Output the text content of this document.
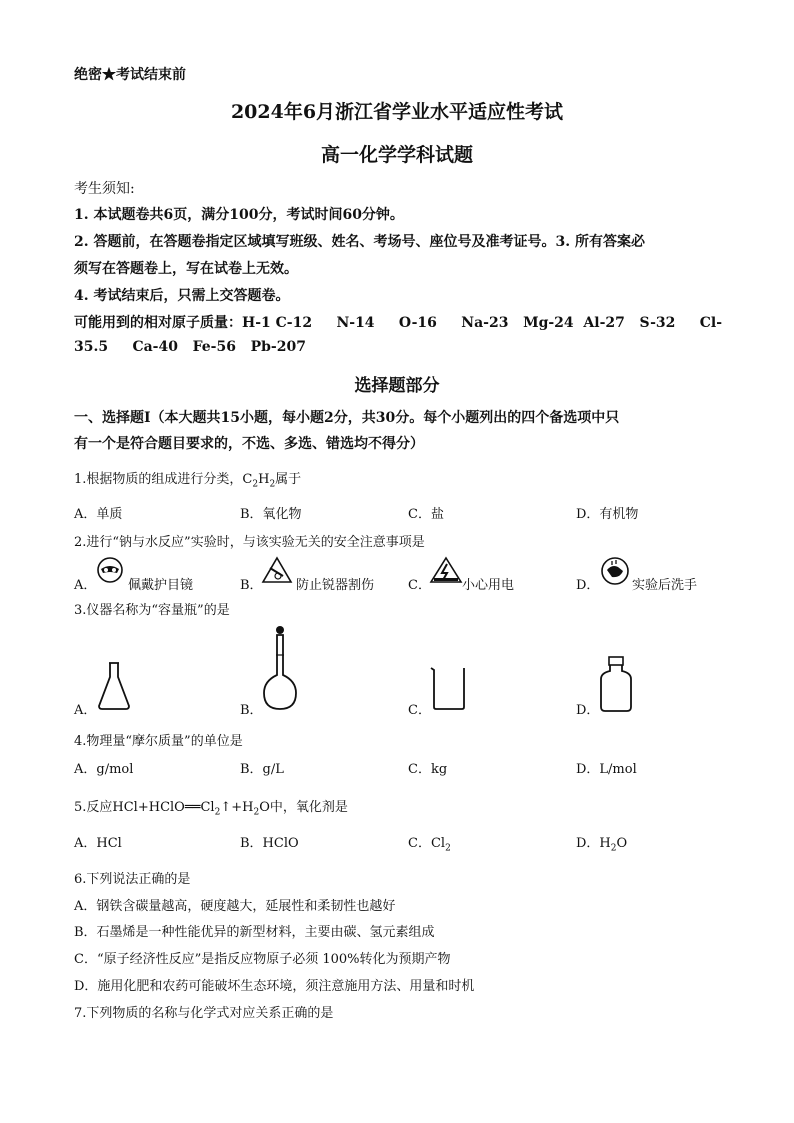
绝密★考试结束前
2024年6月浙江省学业水平适应性考试
高一化学学科试题
考生须知:
1. 本试题卷共6页，满分100分，考试时间60分钟。
2. 答题前，在答题卷指定区域填写班级、姓名、考场号、座位号及准考证号。3. 所有答案必
须写在答题卷上，写在试卷上无效。
4. 考试结束后，只需上交答题卷。
可能用到的相对原子质量：H-1 C-12     N-14     O-16     Na-23   Mg-24  Al-27   S-32     Cl-
35.5     Ca-40   Fe-56   Pb-207
选择题部分
一、选择题Ⅰ（本大题共15小题，每小题2分，共30分。每个小题列出的四个备选项中只
有一个是符合题目要求的，不选、多选、错选均不得分）
1.根据物质的组成进行分类，$C_2H_2$属于
A．单质	B．氧化物	C．盐	D．有机物
2.进行“钠与水反应”实验时，与该实验无关的安全注意事项是
A． 佩戴护目镜	B．	防止锐器割伤	C． 小心用电	D．	实验后洗手
3.仪器名称为“容量瓶”的是
A．	B．	C．	D．
4.物理量“摩尔质量”的单位是
A．g/mol	B．g/L	C．kg	D．L/mol
5.反应$HCl+HClO══Cl_2↑+H_2O$中，氧化剂是
A．HCl	B．HClO	C．$Cl_2$	D．$H_2O$
6.下列说法正确的是
A．钢铁含碳量越高，硬度越大，延展性和柔韧性也越好
B．石墨烯是一种性能优异的新型材料，主要由碳、氢元素组成
C．“原子经济性反应”是指反应物原子必须 100%转化为预期产物
D．施用化肥和农药可能破坏生态环境，须注意施用方法、用量和时机
7.下列物质的名称与化学式对应关系正确的是
